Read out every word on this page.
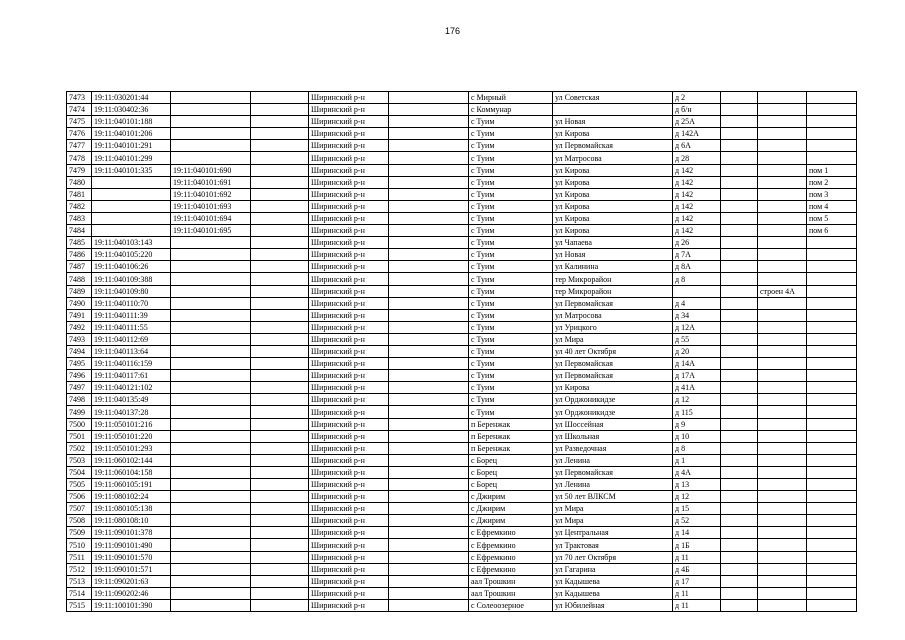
176
7473	19:11:030201:44			Ширинский р-н		с Мирный	ул Советская	д 2			
7474	19:11:030402:36			Ширинский р-н		с Коммунар		д б/н			
7475	19:11:040101:188			Ширинский р-н		с Туим	ул Новая	д 25А			
7476	19:11:040101:206			Ширинский р-н		с Туим	ул Кирова	д 142А			
7477	19:11:040101:291			Ширинский р-н		с Туим	ул Первомайская	д 6А			
7478	19:11:040101:299			Ширинский р-н		с Туим	ул Матросова	д 28			
7479	19:11:040101:335	19:11:040101:690		Ширинский р-н		с Туим	ул Кирова	д 142			пом 1
7480		19:11:040101:691		Ширинский р-н		с Туим	ул Кирова	д 142			пом 2
7481		19:11:040101:692		Ширинский р-н		с Туим	ул Кирова	д 142			пом 3
7482		19:11:040101:693		Ширинский р-н		с Туим	ул Кирова	д 142			пом 4
7483		19:11:040101:694		Ширинский р-н		с Туим	ул Кирова	д 142			пом 5
7484		19:11:040101:695		Ширинский р-н		с Туим	ул Кирова	д 142			пом 6
7485	19:11:040103:143			Ширинский р-н		с Туим	ул Чапаева	д 26			
7486	19:11:040105:220			Ширинский р-н		с Туим	ул Новая	д 7А			
7487	19:11:040106:26			Ширинский р-н		с Туим	ул Калинина	д 8А			
7488	19:11:040109:388			Ширинский р-н		с Туим	тер Микрорайон	д 8			
7489	19:11:040109:80			Ширинский р-н		с Туим	тер Микрорайон			строен 4А	
7490	19:11:040110:70			Ширинский р-н		с Туим	ул Первомайская	д 4			
7491	19:11:040111:39			Ширинский р-н		с Туим	ул Матросова	д 34			
7492	19:11:040111:55			Ширинский р-н		с Туим	ул Урицкого	д 12А			
7493	19:11:040112:69			Ширинский р-н		с Туим	ул Мира	д 55			
7494	19:11:040113:64			Ширинский р-н		с Туим	ул 40 лет Октября	д 20			
7495	19:11:040116:159			Ширинский р-н		с Туим	ул Первомайская	д 14А			
7496	19:11:040117:61			Ширинский р-н		с Туим	ул Первомайская	д 17А			
7497	19:11:040121:102			Ширинский р-н		с Туим	ул Кирова	д 41А			
7498	19:11:040135:49			Ширинский р-н		с Туим	ул Орджоникидзе	д 12			
7499	19:11:040137:28			Ширинский р-н		с Туим	ул Орджоникидзе	д 115			
7500	19:11:050101:216			Ширинский р-н		п Беренжак	ул Шоссейная	д 9			
7501	19:11:050101:220			Ширинский р-н		п Беренжак	ул Школьная	д 10			
7502	19:11:050101:293			Ширинский р-н		п Беренжак	ул Разведочная	д 8			
7503	19:11:060102:144			Ширинский р-н		с Борец	ул Ленина	д 1			
7504	19:11:060104:158			Ширинский р-н		с Борец	ул Первомайская	д 4А			
7505	19:11:060105:191			Ширинский р-н		с Борец	ул Ленина	д 13			
7506	19:11:080102:24			Ширинский р-н		с Джирим	ул 50 лет ВЛКСМ	д 12			
7507	19:11:080105:138			Ширинский р-н		с Джирим	ул Мира	д 15			
7508	19:11:080108:10			Ширинский р-н		с Джирим	ул Мира	д 52			
7509	19:11:090101:378			Ширинский р-н		с Ефремкино	ул Центральная	д 14			
7510	19:11:090101:490			Ширинский р-н		с Ефремкино	ул Трактовая	д 1Б			
7511	19:11:090101:570			Ширинский р-н		с Ефремкино	ул 70 лет Октября	д 11			
7512	19:11:090101:571			Ширинский р-н		с Ефремкино	ул Гагарина	д 4Б			
7513	19:11:090201:63			Ширинский р-н		аал Трошкин	ул Кадышева	д 17			
7514	19:11:090202:46			Ширинский р-н		аал Трошкин	ул Кадышева	д 11			
7515	19:11:100101:390			Ширинский р-н		с Солеоозерное	ул Юбилейная	д 11			
